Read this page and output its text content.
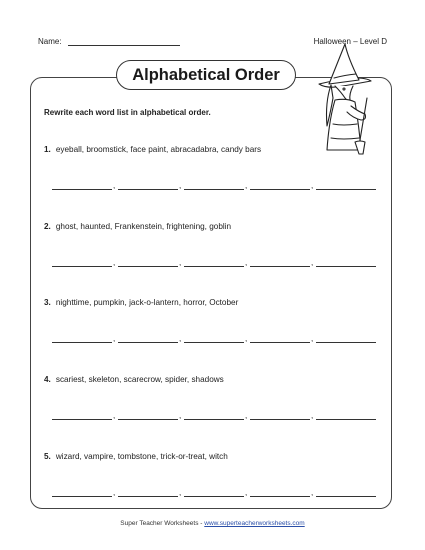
Name:	Halloween – Level D
Alphabetical Order
Rewrite each word list in alphabetical order.
1. eyeball, broomstick, face paint, abracadabra, candy bars
,	,	,	,
2. ghost, haunted, Frankenstein, frightening, goblin
,	,	,	,
3. nighttime, pumpkin, jack-o-lantern, horror, October
,	,	,	,
4. scariest, skeleton, scarecrow, spider, shadows
,	,	,	,
5. wizard, vampire, tombstone, trick-or-treat, witch
,	,	,	,
Super Teacher Worksheets - www.superteacherworksheets.com
